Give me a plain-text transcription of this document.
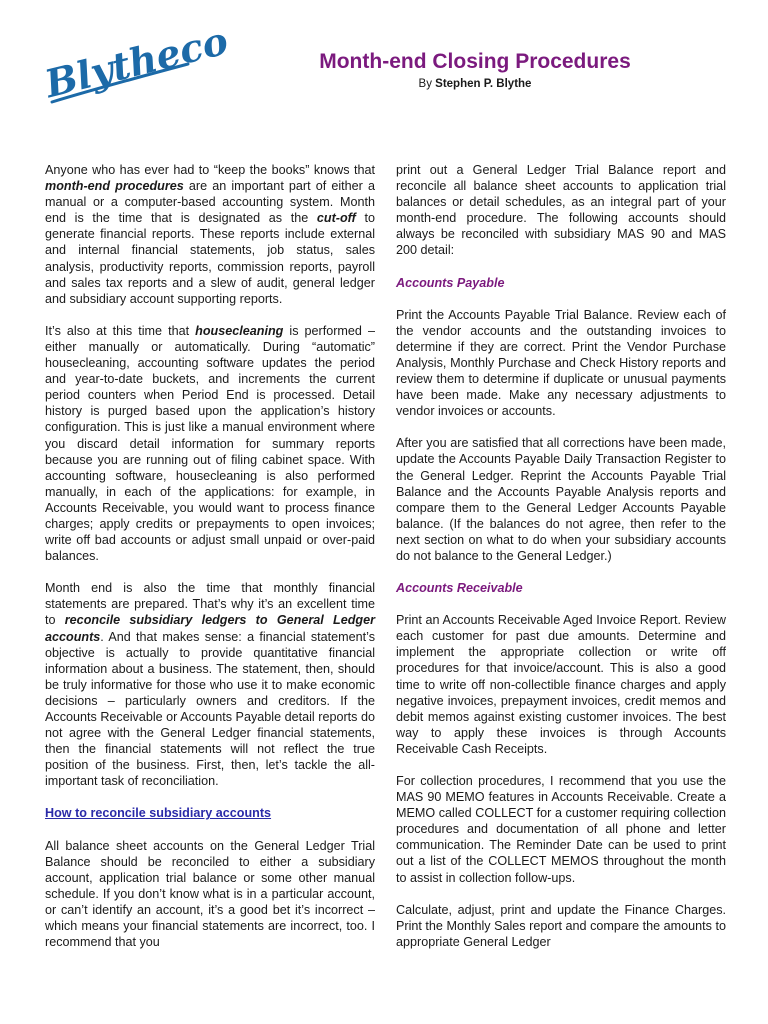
Blytheco	Month-end Closing Procedures

By Stephen P. Blythe

Anyone who has ever had to “keep the books” knows that month-end procedures are an important part of either a manual or a computer-based accounting system. Month end is the time that is designated as the cut-off to generate financial reports. These reports include external and internal financial statements, job status, sales analysis, productivity reports, commission reports, payroll and sales tax reports and a slew of audit, general ledger and subsidiary account supporting reports.

It’s also at this time that housecleaning is performed – either manually or automatically. During “automatic” housecleaning, accounting software updates the period and year-to-date buckets, and increments the current period counters when Period End is processed. Detail history is purged based upon the application’s history configuration. This is just like a manual environment where you discard detail information for summary reports because you are running out of filing cabinet space. With accounting software, housecleaning is also performed manually, in each of the applications: for example, in Accounts Receivable, you would want to process finance charges; apply credits or prepayments to open invoices; write off bad accounts or adjust small unpaid or over-paid balances.

Month end is also the time that monthly financial statements are prepared. That’s why it’s an excellent time to reconcile subsidiary ledgers to General Ledger accounts. And that makes sense: a financial statement’s objective is actually to provide quantitative financial information about a business. The statement, then, should be truly informative for those who use it to make economic decisions – particularly owners and creditors. If the Accounts Receivable or Accounts Payable detail reports do not agree with the General Ledger financial statements, then the financial statements will not reflect the true position of the business. First, then, let’s tackle the all-important task of reconciliation.

How to reconcile subsidiary accounts

All balance sheet accounts on the General Ledger Trial Balance should be reconciled to either a subsidiary account, application trial balance or some other manual schedule. If you don’t know what is in a particular account, or can’t identify an account, it’s a good bet it’s incorrect – which means your financial statements are incorrect, too. I recommend that you

print out a General Ledger Trial Balance report and reconcile all balance sheet accounts to application trial balances or detail schedules, as an integral part of your month-end procedure. The following accounts should always be reconciled with subsidiary MAS 90 and MAS 200 detail:

Accounts Payable

Print the Accounts Payable Trial Balance. Review each of the vendor accounts and the outstanding invoices to determine if they are correct. Print the Vendor Purchase Analysis, Monthly Purchase and Check History reports and review them to determine if duplicate or unusual payments have been made. Make any necessary adjustments to vendor invoices or accounts.

After you are satisfied that all corrections have been made, update the Accounts Payable Daily Transaction Register to the General Ledger. Reprint the Accounts Payable Trial Balance and the Accounts Payable Analysis reports and compare them to the General Ledger Accounts Payable balance. (If the balances do not agree, then refer to the next section on what to do when your subsidiary accounts do not balance to the General Ledger.)

Accounts Receivable

Print an Accounts Receivable Aged Invoice Report. Review each customer for past due amounts. Determine and implement the appropriate collection or write off procedures for that invoice/account. This is also a good time to write off non-collectible finance charges and apply negative invoices, prepayment invoices, credit memos and debit memos against existing customer invoices. The best way to apply these invoices is through Accounts Receivable Cash Receipts.

For collection procedures, I recommend that you use the MAS 90 MEMO features in Accounts Receivable. Create a MEMO called COLLECT for a customer requiring collection procedures and documentation of all phone and letter communication. The Reminder Date can be used to print out a list of the COLLECT MEMOS throughout the month to assist in collection follow-ups.

Calculate, adjust, print and update the Finance Charges. Print the Monthly Sales report and compare the amounts to appropriate General Ledger
